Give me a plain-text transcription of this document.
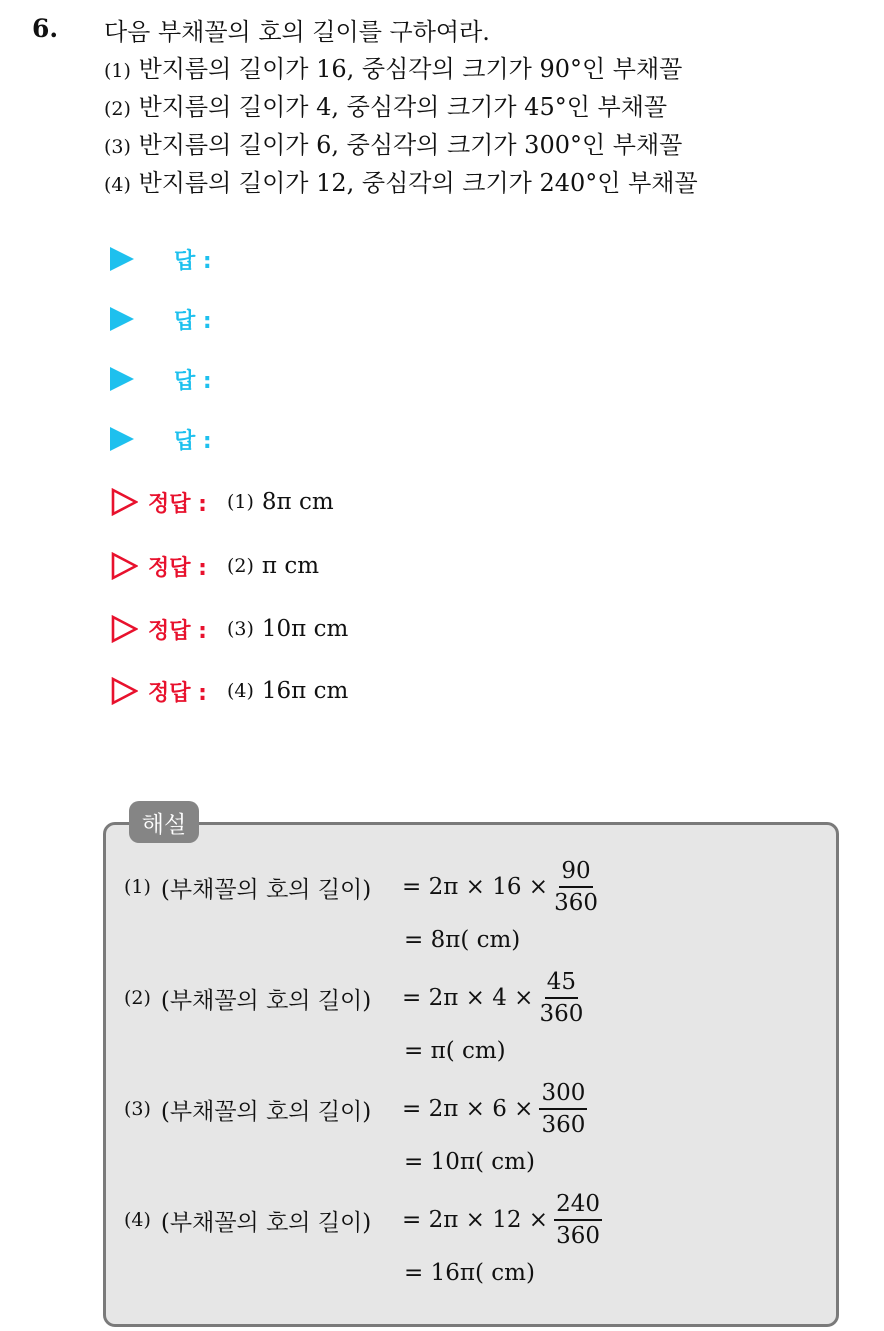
6. 다음 부채꼴의 호의 길이를 구하여라.
(1) 반지름의 길이가 16, 중심각의 크기가 90°인 부채꼴
(2) 반지름의 길이가 4, 중심각의 크기가 45°인 부채꼴
(3) 반지름의 길이가 6, 중심각의 크기가 300°인 부채꼴
(4) 반지름의 길이가 12, 중심각의 크기가 240°인 부채꼴
답 :
답 :
답 :
답 :
정답 : (1) 8π cm
정답 : (2) π cm
정답 : (3) 10π cm
정답 : (4) 16π cm
해설
(1) (부채꼴의 호의 길이) = $2\pi \times 16 \times \frac{90}{360}$
= 8π( cm)
(2) (부채꼴의 호의 길이) = $2\pi \times 4 \times \frac{45}{360}$
= π( cm)
(3) (부채꼴의 호의 길이) = $2\pi \times 6 \times \frac{300}{360}$
= 10π( cm)
(4) (부채꼴의 호의 길이) = $2\pi \times 12 \times \frac{240}{360}$
= 16π( cm)
